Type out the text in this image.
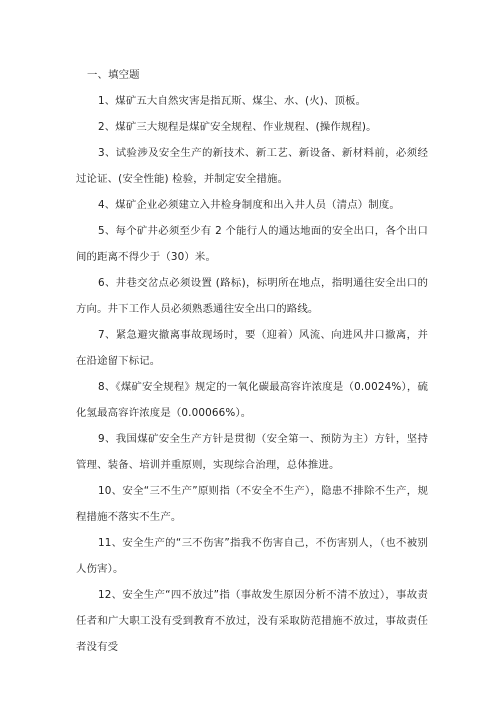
一、填空题

1、煤矿五大自然灾害是指瓦斯、煤尘、水、(火)、顶板。

2、煤矿三大规程是煤矿安全规程、作业规程、(操作规程)。

3、试验涉及安全生产的新技术、新工艺、新设备、新材料前，必须经过论证、(安全性能) 检验，并制定安全措施。

4、煤矿企业必须建立入井检身制度和出入井人员（清点）制度。

5、每个矿井必须至少有 2 个能行人的通达地面的安全出口，各个出口间的距离不得少于（30）米。

6、井巷交岔点必须设置 (路标)，标明所在地点，指明通往安全出口的方向。井下工作人员必须熟悉通往安全出口的路线。

7、紧急避灾撤离事故现场时，要（迎着）风流、向进风井口撤离，并在沿途留下标记。

8、《煤矿安全规程》规定的一氧化碳最高容许浓度是（0.0024%），硫化氢最高容许浓度是（0.00066%）。

9、我国煤矿安全生产方针是贯彻（安全第一、预防为主）方针，坚持 管理、装备、培训并重原则，实现综合治理，总体推进。

10、安全“三不生产”原则指（不安全不生产），隐患不排除不生产，规程措施不落实不生产。

11、安全生产的“三不伤害”指我不伤害自己，不伤害别人，（也不被别人伤害）。

12、安全生产“四不放过”指（事故发生原因分析不清不放过），事故责任者和广大职工没有受到教育不放过，没有采取防范措施不放过，事故责任者没有受
